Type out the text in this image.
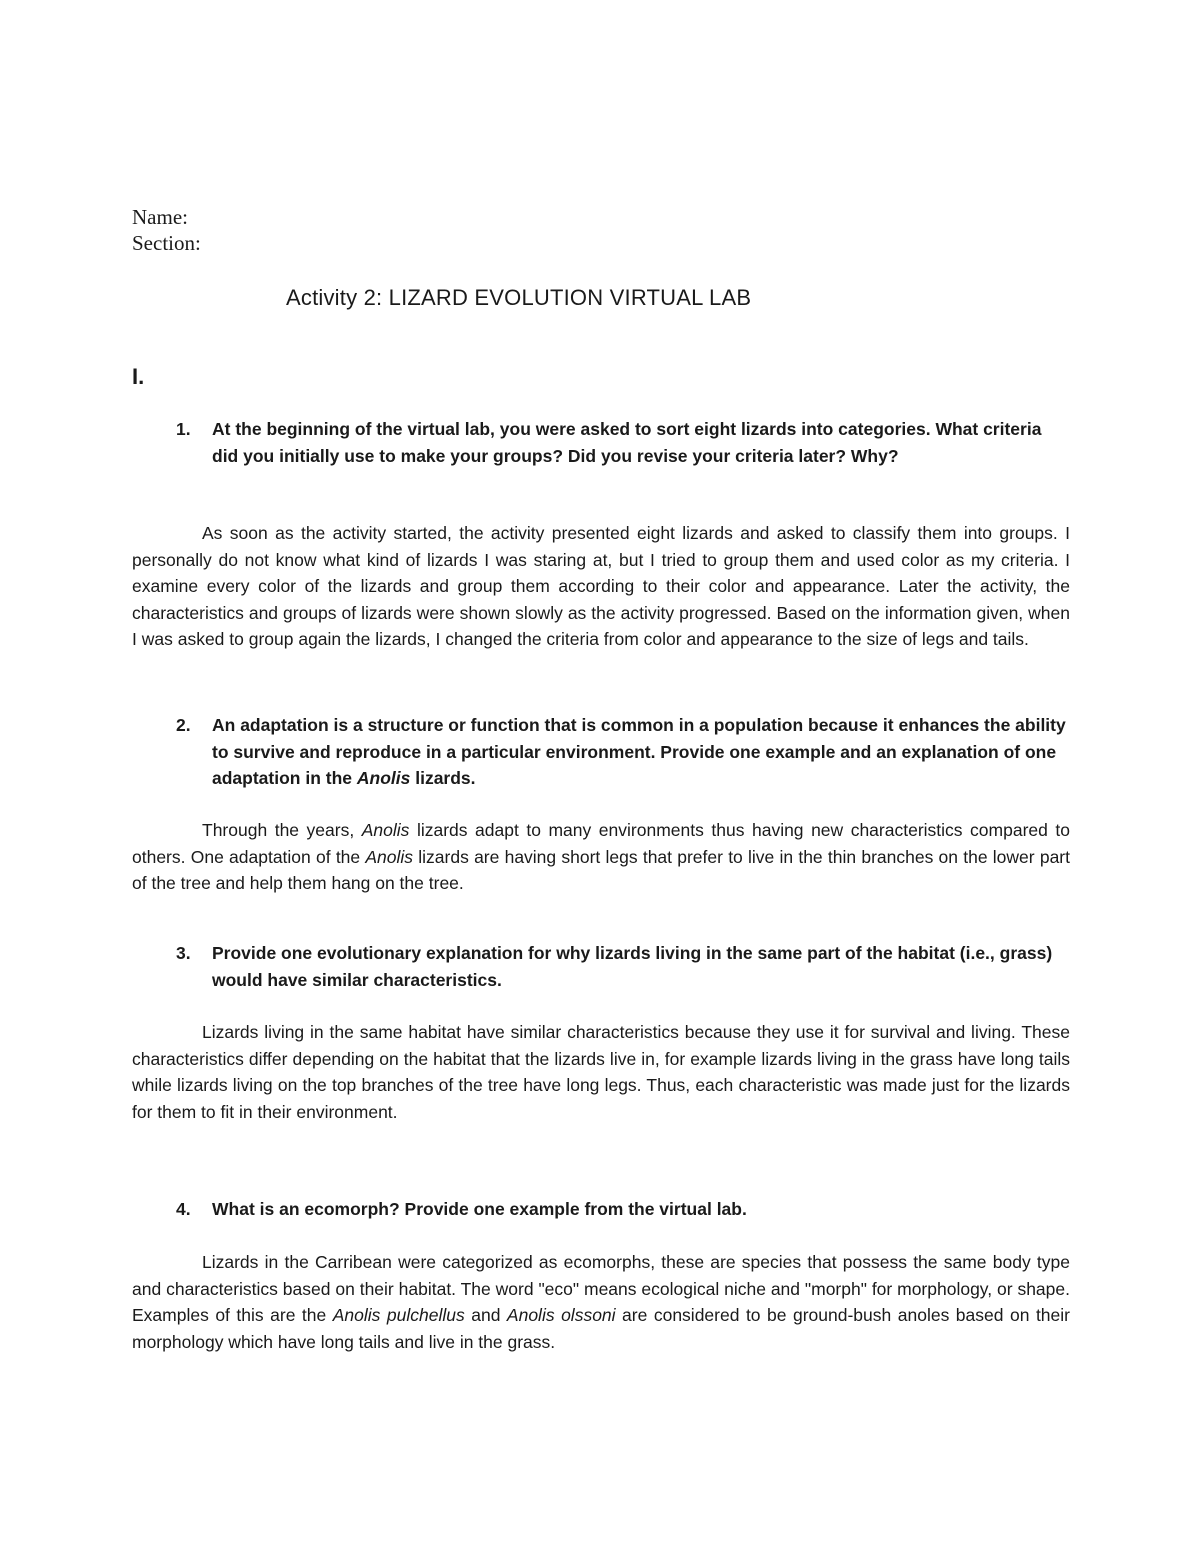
Name:
Section:
Activity 2: LIZARD EVOLUTION VIRTUAL LAB
I.
1. At the beginning of the virtual lab, you were asked to sort eight lizards into categories. What criteria did you initially use to make your groups? Did you revise your criteria later? Why?

As soon as the activity started, the activity presented eight lizards and asked to classify them into groups. I personally do not know what kind of lizards I was staring at, but I tried to group them and used color as my criteria. I examine every color of the lizards and group them according to their color and appearance. Later the activity, the characteristics and groups of lizards were shown slowly as the activity progressed. Based on the information given, when I was asked to group again the lizards, I changed the criteria from color and appearance to the size of legs and tails.

2. An adaptation is a structure or function that is common in a population because it enhances the ability to survive and reproduce in a particular environment. Provide one example and an explanation of one adaptation in the Anolis lizards.

Through the years, Anolis lizards adapt to many environments thus having new characteristics compared to others. One adaptation of the Anolis lizards are having short legs that prefer to live in the thin branches on the lower part of the tree and help them hang on the tree.

3. Provide one evolutionary explanation for why lizards living in the same part of the habitat (i.e., grass) would have similar characteristics.

Lizards living in the same habitat have similar characteristics because they use it for survival and living. These characteristics differ depending on the habitat that the lizards live in, for example lizards living in the grass have long tails while lizards living on the top branches of the tree have long legs. Thus, each characteristic was made just for the lizards for them to fit in their environment.

4. What is an ecomorph? Provide one example from the virtual lab.

Lizards in the Carribean were categorized as ecomorphs, these are species that possess the same body type and characteristics based on their habitat. The word "eco" means ecological niche and "morph" for morphology, or shape. Examples of this are the Anolis pulchellus and Anolis olssoni are considered to be ground-bush anoles based on their morphology which have long tails and live in the grass.
